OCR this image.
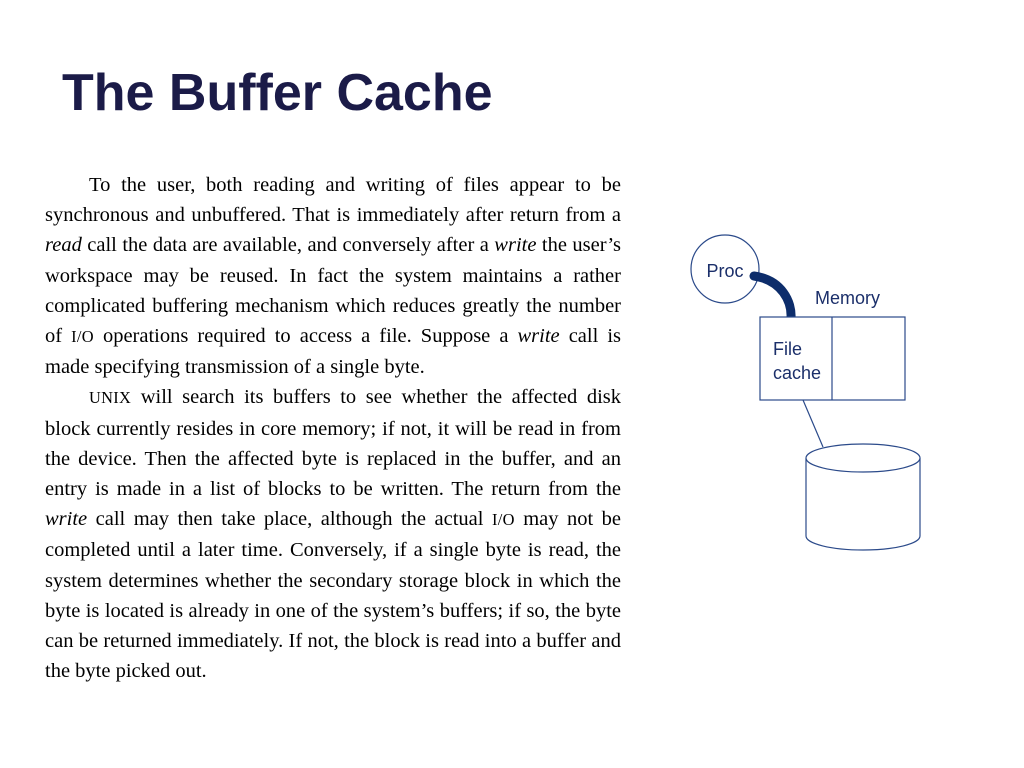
The Buffer Cache

To the user, both reading and writing of files appear to be synchronous and unbuffered. That is immediately after return from a read call the data are available, and conversely after a write the user’s workspace may be reused. In fact the system maintains a rather complicated buffering mechanism which reduces greatly the number of I/O operations required to access a file. Suppose a write call is made specifying transmission of a single byte.

UNIX will search its buffers to see whether the affected disk block currently resides in core memory; if not, it will be read in from the device. Then the affected byte is replaced in the buffer, and an entry is made in a list of blocks to be written. The return from the write call may then take place, although the actual I/O may not be completed until a later time. Conversely, if a single byte is read, the system determines whether the secondary storage block in which the byte is located is already in one of the system’s buffers; if so, the byte can be returned immediately. If not, the block is read into a buffer and the byte picked out.

Proc
Memory
File
cache
